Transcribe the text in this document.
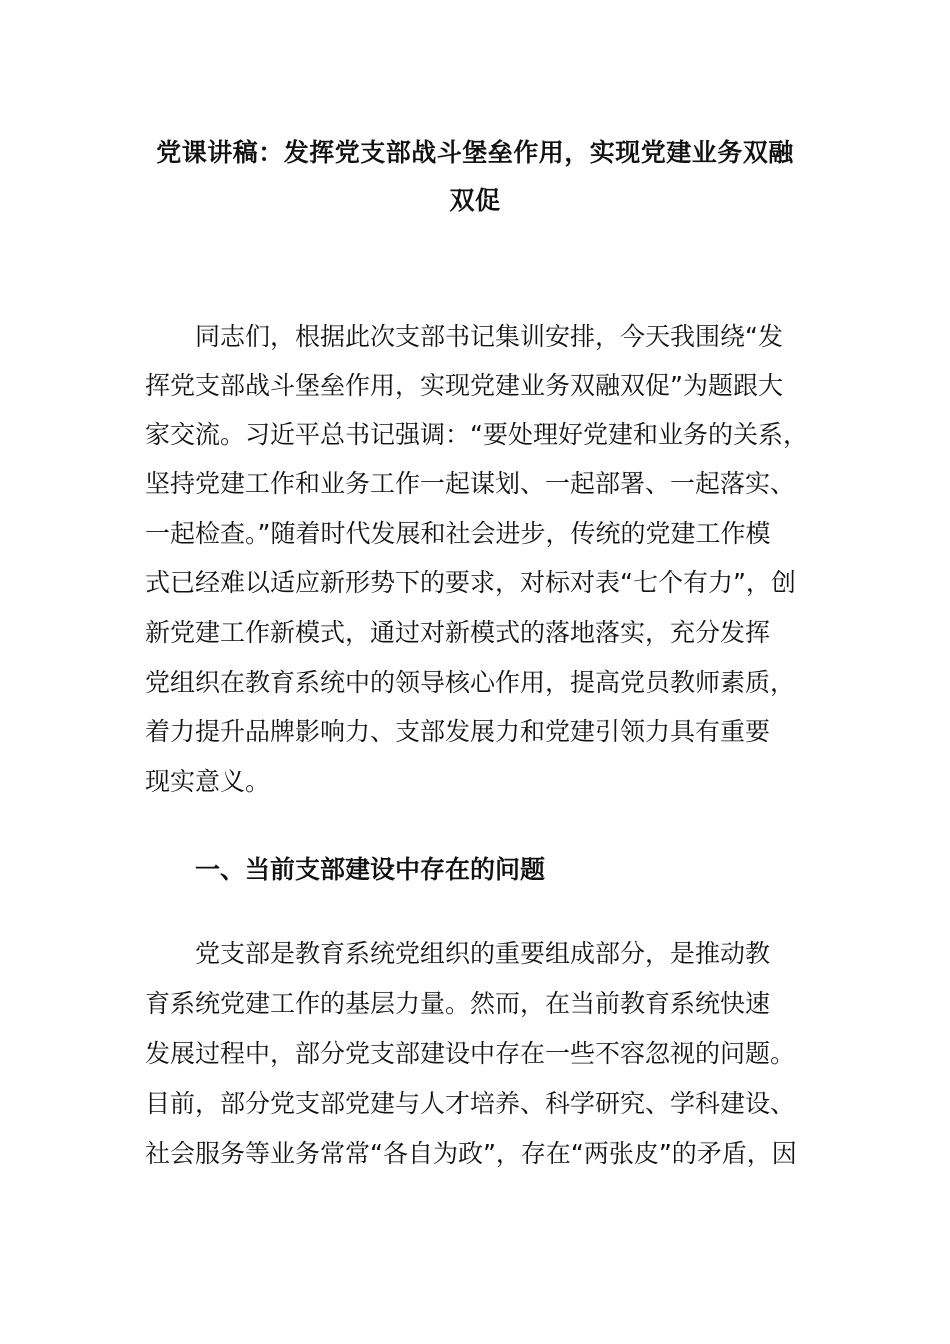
党课讲稿：发挥党支部战斗堡垒作用，实现党建业务双融
双促

同志们，根据此次支部书记集训安排，今天我围绕“发

挥党支部战斗堡垒作用，实现党建业务双融双促”为题跟大

家交流。习近平总书记强调：“要处理好党建和业务的关系，

坚持党建工作和业务工作一起谋划、一起部署、一起落实、

一起检查。”随着时代发展和社会进步，传统的党建工作模

式已经难以适应新形势下的要求，对标对表“七个有力”，创

新党建工作新模式，通过对新模式的落地落实，充分发挥

党组织在教育系统中的领导核心作用，提高党员教师素质，

着力提升品牌影响力、支部发展力和党建引领力具有重要

现实意义。

一、当前支部建设中存在的问题

党支部是教育系统党组织的重要组成部分，是推动教

育系统党建工作的基层力量。然而，在当前教育系统快速

发展过程中，部分党支部建设中存在一些不容忽视的问题。

目前，部分党支部党建与人才培养、科学研究、学科建设、

社会服务等业务常常“各自为政”，存在“两张皮”的矛盾，因
